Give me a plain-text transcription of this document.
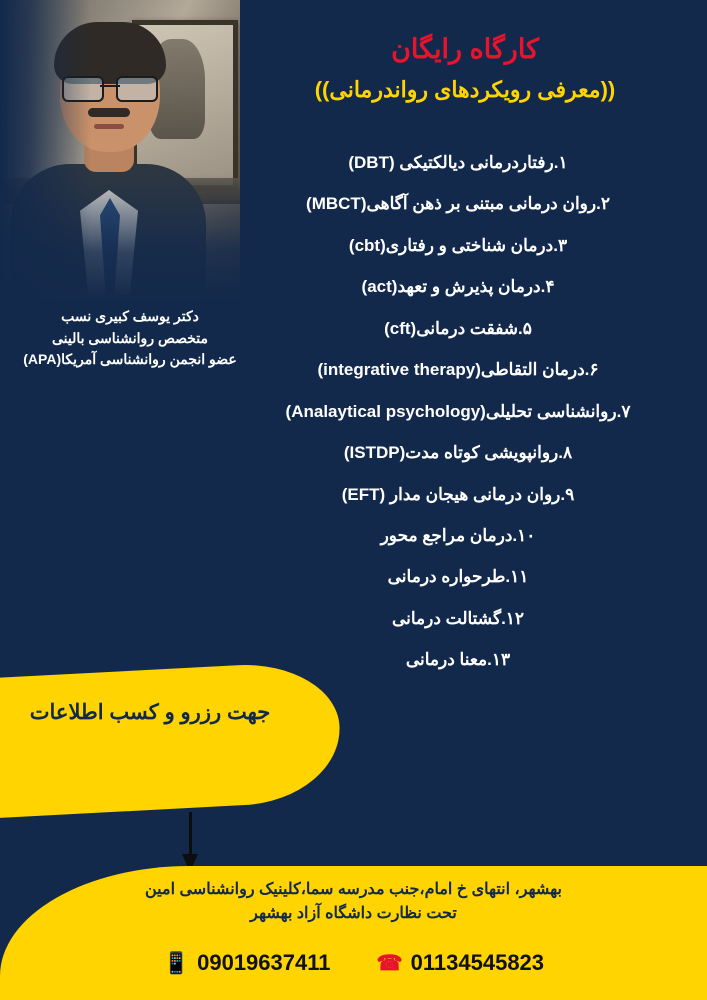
دکتر یوسف کبیری نسب
متخصص روانشناسی بالینی
عضو انجمن روانشناسی آمریکا(APA)
کارگاه رایگان
((معرفی رویکردهای رواندرمانی))
۱.رفتاردرمانی دیالکتیکی (DBT)
۲.روان درمانی مبتنی بر ذهن آگاهی(MBCT)
۳.درمان شناختی و رفتاری(cbt)
۴.درمان پذیرش و تعهد(act)
۵.شفقت درمانی(cft)
۶.درمان التقاطی(integrative therapy)
۷.روانشناسی تحلیلی(Analaytical psychology)
۸.روانپویشی کوتاه مدت(ISTDP)
۹.روان درمانی هیجان مدار (EFT)
۱۰.درمان مراجع محور
۱۱.طرحواره درمانی
۱۲.گشتالت درمانی
۱۳.معنا درمانی
جهت رزرو و کسب اطلاعات
بهشهر، انتهای خ امام،جنب مدرسه سما،کلینیک روانشناسی امین
تحت نظارت داشگاه آزاد بهشهر
📱 09019637411 ☎ 01134545823
